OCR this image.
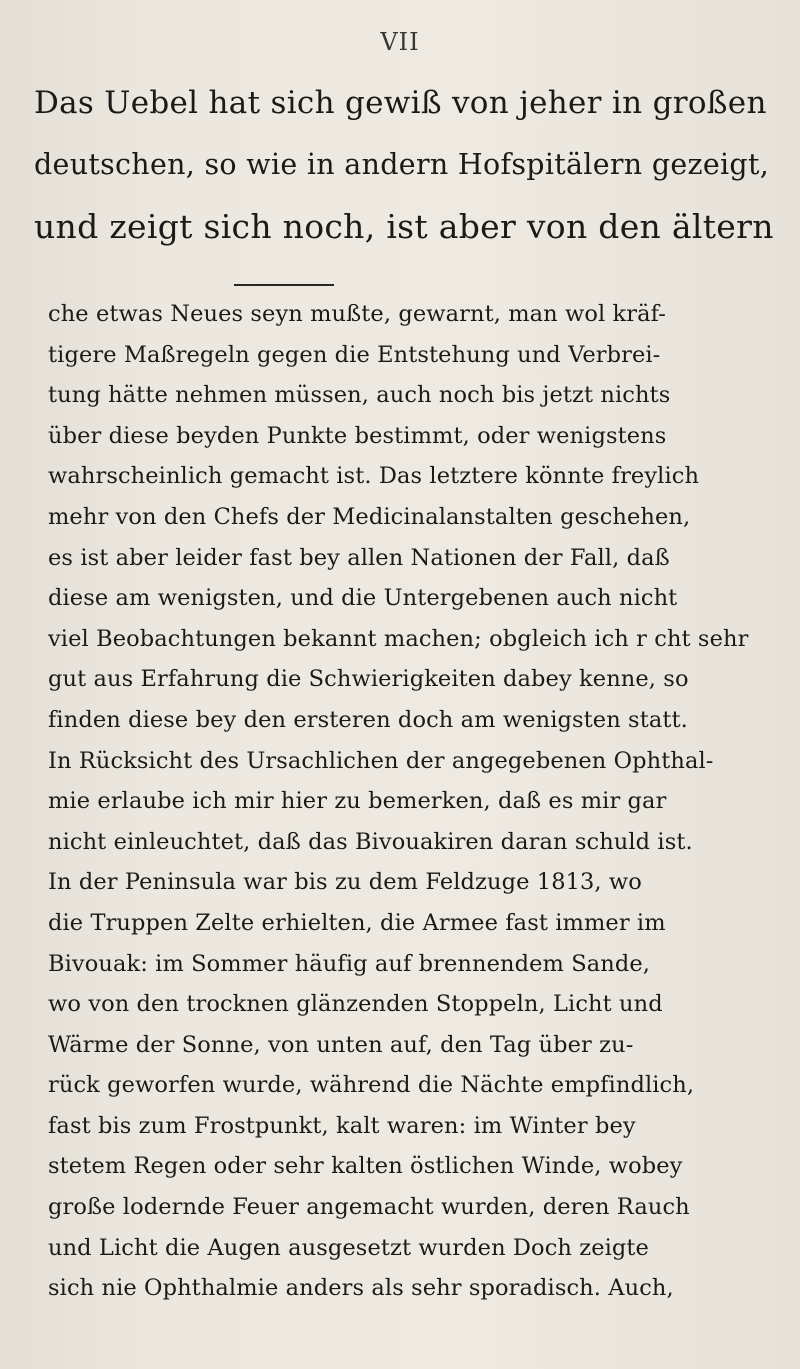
VII
Das Uebel hat sich gewiß von jeher in großen
deutschen, so wie in andern Hofspitälern gezeigt,
und zeigt sich noch, ist aber von den ältern
che etwas Neues seyn mußte, gewarnt, man wol kräf-
tigere Maßregeln gegen die Entstehung und Verbrei-
tung hätte nehmen müssen, auch noch bis jetzt nichts
über diese beyden Punkte bestimmt, oder wenigstens
wahrscheinlich gemacht ist. Das letztere könnte freylich
mehr von den Chefs der Medicinalanstalten geschehen,
es ist aber leider fast bey allen Nationen der Fall, daß
diese am wenigsten, und die Untergebenen auch nicht
viel Beobachtungen bekannt machen; obgleich ich r cht sehr
gut aus Erfahrung die Schwierigkeiten dabey kenne, so
finden diese bey den ersteren doch am wenigsten statt.
In Rücksicht des Ursachlichen der angegebenen Ophthal-
mie erlaube ich mir hier zu bemerken, daß es mir gar
nicht einleuchtet, daß das Bivouakiren daran schuld ist.
In der Peninsula war bis zu dem Feldzuge 1813, wo
die Truppen Zelte erhielten, die Armee fast immer im
Bivouak: im Sommer häufig auf brennendem Sande,
wo von den trocknen glänzenden Stoppeln, Licht und
Wärme der Sonne, von unten auf, den Tag über zu-
rück geworfen wurde, während die Nächte empfindlich,
fast bis zum Frostpunkt, kalt waren: im Winter bey
stetem Regen oder sehr kalten östlichen Winde, wobey
große lodernde Feuer angemacht wurden, deren Rauch
und Licht die Augen ausgesetzt wurden Doch zeigte
sich nie Ophthalmie anders als sehr sporadisch. Auch,
